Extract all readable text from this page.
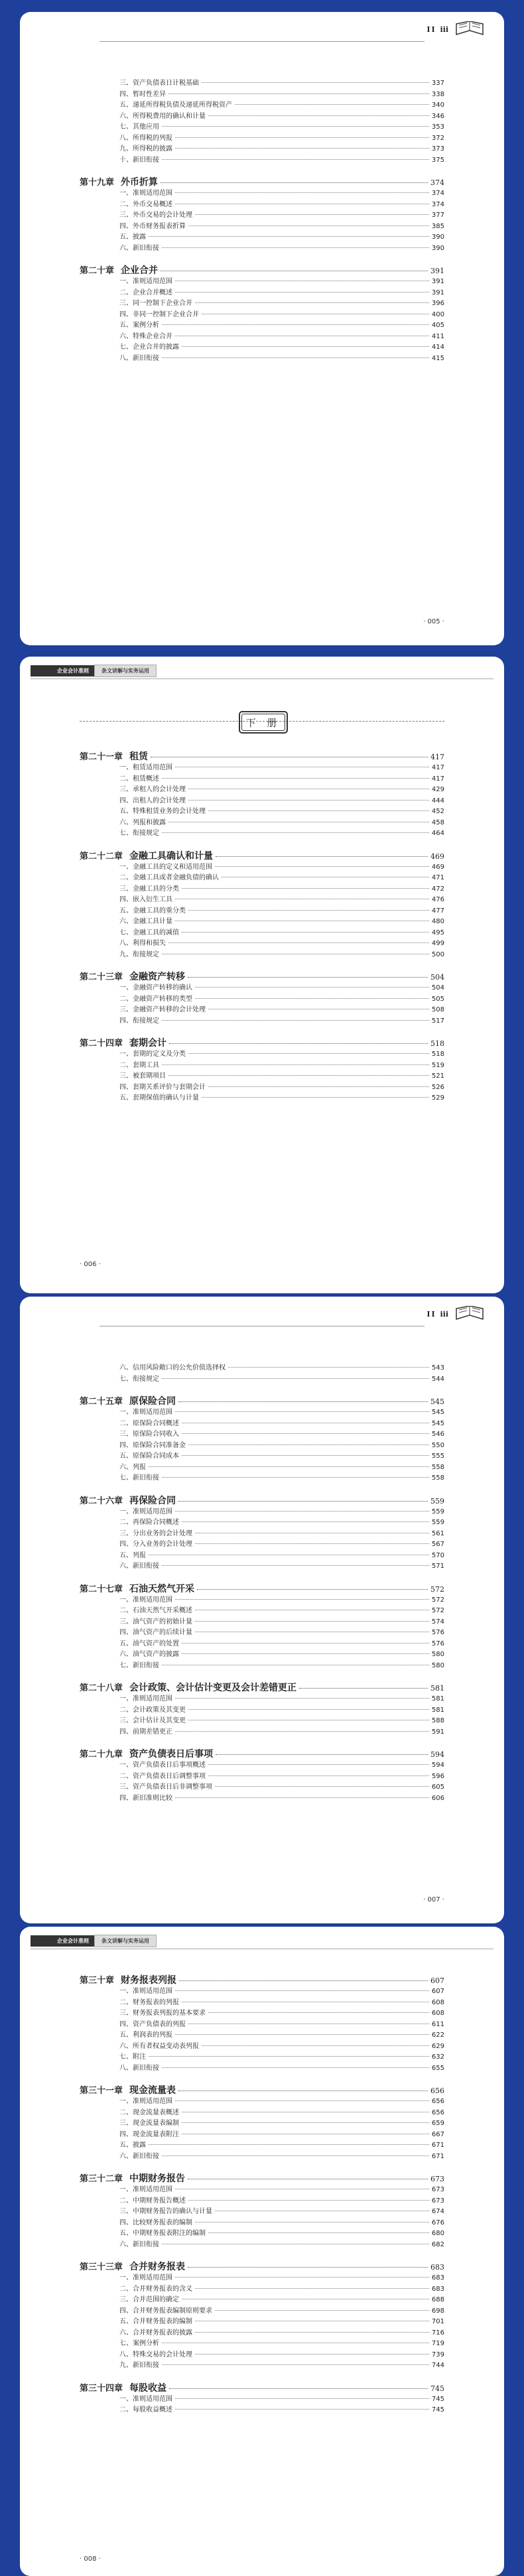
II ⅲ
三、资产负债表日计税基础	337
四、暂时性差异	338
五、递延所得税负债及递延所得税资产	340
六、所得税费用的确认和计量	346
七、其他应用	353
八、所得税的列报	372
九、所得税的披露	373
十、新旧衔接	375
第十九章 外币折算	374
一、准则适用范围	374
二、外币交易概述	374
三、外币交易的会计处理	377
四、外币财务报表折算	385
五、披露	390
六、新旧衔接	390
第二十章 企业合并	391
一、准则适用范围	391
二、企业合并概述	391
三、同一控制下企业合并	396
四、非同一控制下企业合并	400
五、案例分析	405
六、特殊企业合并	411
七、企业合并的披露	414
八、新旧衔接	415
· 005 ·
企业会计准则	条文讲解与实务运用
下 册
第二十一章 租赁	417
一、租赁适用范围	417
二、租赁概述	417
三、承租人的会计处理	429
四、出租人的会计处理	444
五、特殊租赁业务的会计处理	452
六、列报和披露	458
七、衔接规定	464
第二十二章 金融工具确认和计量	469
一、金融工具的定义和适用范围	469
二、金融工具或者金融负债的确认	471
三、金融工具的分类	472
四、嵌入衍生工具	476
五、金融工具的重分类	477
六、金融工具计量	480
七、金融工具的减值	495
八、利得和损失	499
九、衔接规定	500
第二十三章 金融资产转移	504
一、金融资产转移的确认	504
二、金融资产转移的类型	505
三、金融资产转移的会计处理	508
四、衔接规定	517
第二十四章 套期会计	518
一、套期的定义及分类	518
二、套期工具	519
三、被套期项目	521
四、套期关系评价与套期会计	526
五、套期保值的确认与计量	529
· 006 ·
II ⅲ
六、信用风险敞口的公允价值选择权	543
七、衔接规定	544
第二十五章 原保险合同	545
一、准则适用范围	545
二、原保险合同概述	545
三、原保险合同收入	546
四、原保险合同准备金	550
五、原保险合同成本	555
六、列报	558
七、新旧衔接	558
第二十六章 再保险合同	559
一、准则适用范围	559
二、再保险合同概述	559
三、分出业务的会计处理	561
四、分入业务的会计处理	567
五、列报	570
六、新旧衔接	571
第二十七章 石油天然气开采	572
一、准则适用范围	572
二、石油天然气开采概述	572
三、油气资产的初始计量	574
四、油气资产的后续计量	576
五、油气资产的处置	576
六、油气资产的披露	580
七、新旧衔接	580
第二十八章 会计政策、会计估计变更及会计差错更正	581
一、准则适用范围	581
二、会计政策及其变更	581
三、会计估计及其变更	588
四、前期差错更正	591
第二十九章 资产负债表日后事项	594
一、资产负债表日后事项概述	594
二、资产负债表日后调整事项	596
三、资产负债表日后非调整事项	605
四、新旧准则比较	606
· 007 ·
企业会计准则	条文讲解与实务运用
第三十章 财务报表列报	607
一、准则适用范围	607
二、财务报表的列报	608
三、财务报表列报的基本要求	608
四、资产负债表的列报	611
五、利润表的列报	622
六、所有者权益变动表列报	629
七、附注	632
八、新旧衔接	655
第三十一章 现金流量表	656
一、准则适用范围	656
二、现金流量表概述	656
三、现金流量表编制	659
四、现金流量表附注	667
五、披露	671
六、新旧衔接	671
第三十二章 中期财务报告	673
一、准则适用范围	673
二、中期财务报告概述	673
三、中期财务报告的确认与计量	674
四、比较财务报表的编制	676
五、中期财务报表附注的编制	680
六、新旧衔接	682
第三十三章 合并财务报表	683
一、准则适用范围	683
二、合并财务报表的含义	683
三、合并范围的确定	688
四、合并财务报表编制原则要求	698
五、合并财务报表的编制	701
六、合并财务报表的披露	716
七、案例分析	719
八、特殊交易的会计处理	739
九、新旧衔接	744
第三十四章 每股收益	745
一、准则适用范围	745
二、每股收益概述	745
· 008 ·
